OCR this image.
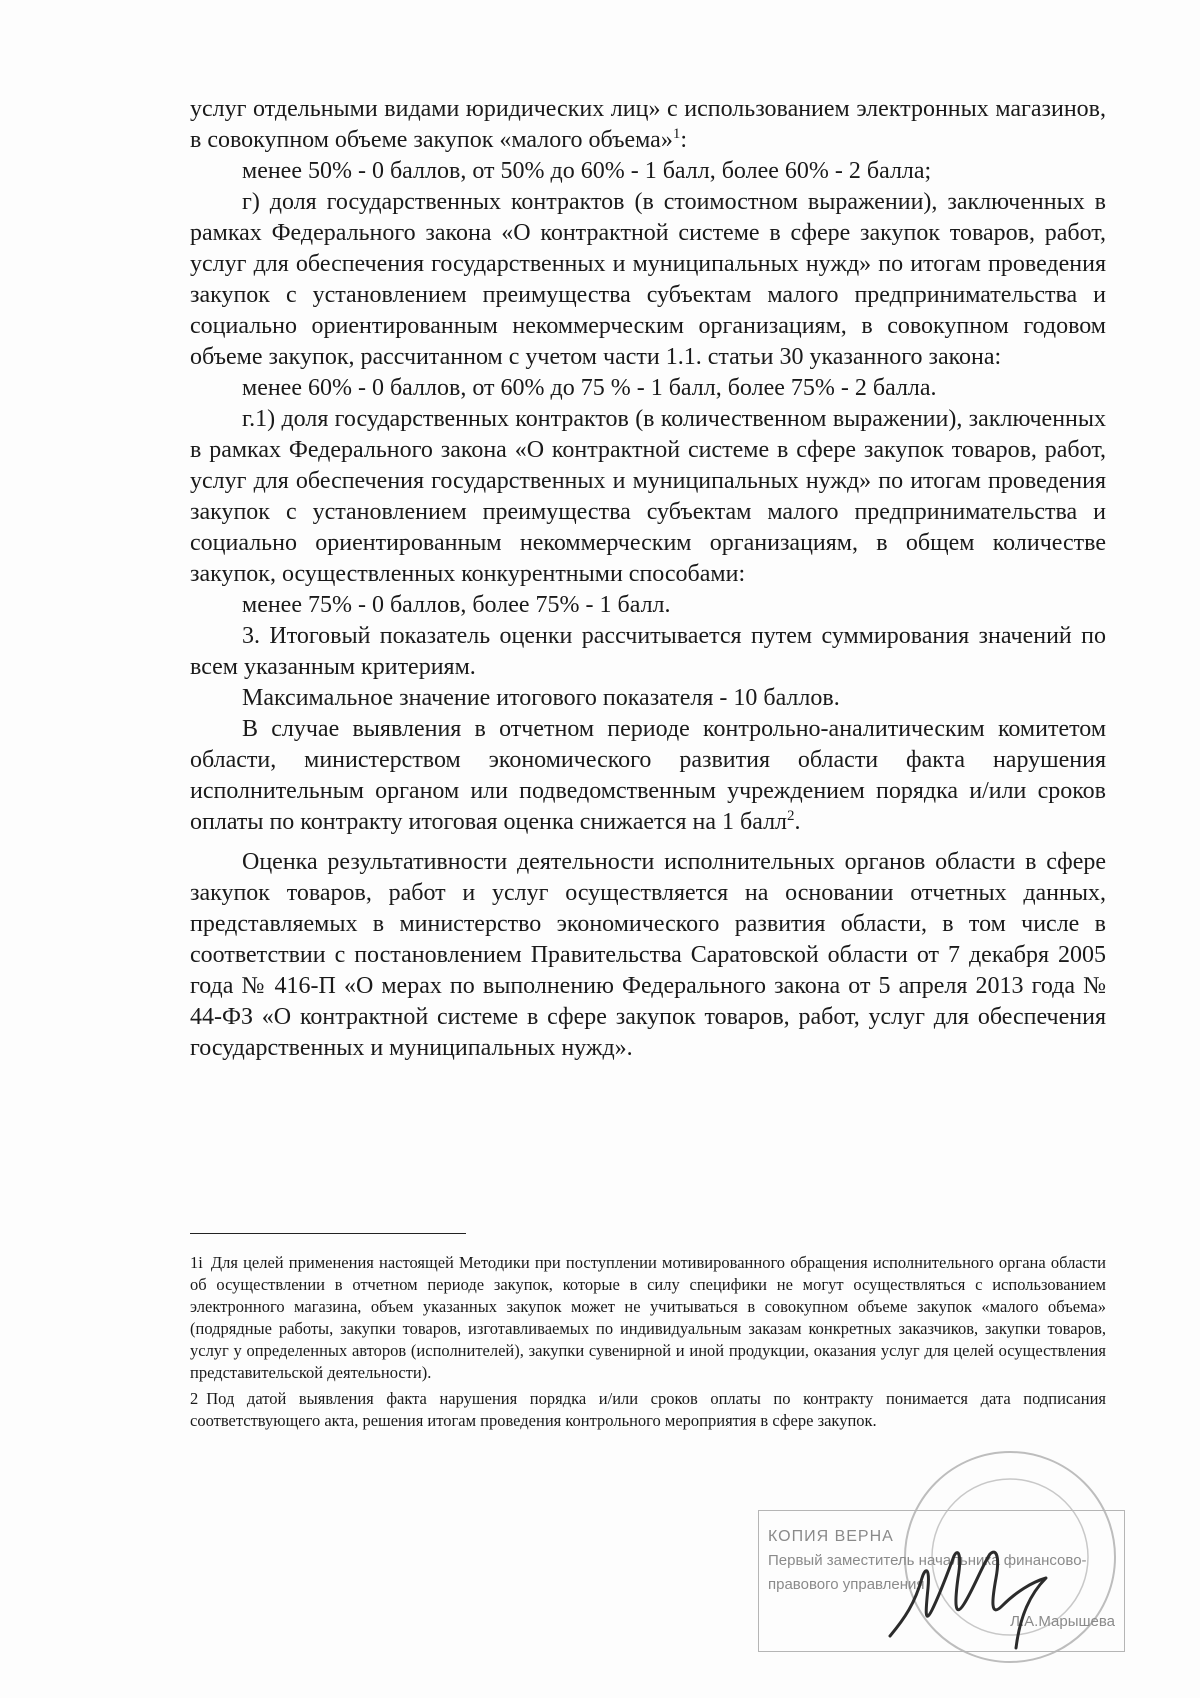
услуг отдельными видами юридических лиц» с использованием электронных магазинов, в совокупном объеме закупок «малого объема»$^1$:

менее 50% - 0 баллов, от 50% до 60% - 1 балл, более 60% - 2 балла;

г) доля государственных контрактов (в стоимостном выражении), заключенных в рамках Федерального закона «О контрактной системе в сфере закупок товаров, работ, услуг для обеспечения государственных и муниципальных нужд» по итогам проведения закупок с установлением преимущества субъектам малого предпринимательства и социально ориентированным некоммерческим организациям, в совокупном годовом объеме закупок, рассчитанном с учетом части 1.1. статьи 30 указанного закона:

менее 60% - 0 баллов, от 60% до 75 % - 1 балл, более 75% - 2 балла.

г.1) доля государственных контрактов (в количественном выражении), заключенных в рамках Федерального закона «О контрактной системе в сфере закупок товаров, работ, услуг для обеспечения государственных и муниципальных нужд» по итогам проведения закупок с установлением преимущества субъектам малого предпринимательства и социально ориентированным некоммерческим организациям, в общем количестве закупок, осуществленных конкурентными способами:

менее 75% - 0 баллов, более 75% - 1 балл.

3. Итоговый показатель оценки рассчитывается путем суммирования значений по всем указанным критериям.

Максимальное значение итогового показателя - 10 баллов.

В случае выявления в отчетном периоде контрольно-аналитическим комитетом области, министерством экономического развития области факта нарушения исполнительным органом или подведомственным учреждением порядка и/или сроков оплаты по контракту итоговая оценка снижается на 1 балл$^2$.

Оценка результативности деятельности исполнительных органов области в сфере закупок товаров, работ и услуг осуществляется на основании отчетных данных, представляемых в министерство экономического развития области, в том числе в соответствии с постановлением Правительства Саратовской области от 7 декабря 2005 года № 416-П «О мерах по выполнению Федерального закона от 5 апреля 2013 года № 44-ФЗ «О контрактной системе в сфере закупок товаров, работ, услуг для обеспечения государственных и муниципальных нужд».

1i Для целей применения настоящей Методики при поступлении мотивированного обращения исполнительного органа области об осуществлении в отчетном периоде закупок, которые в силу специфики не могут осуществляться с использованием электронного магазина, объем указанных закупок может не учитываться в совокупном объеме закупок «малого объема» (подрядные работы, закупки товаров, изготавливаемых по индивидуальным заказам конкретных заказчиков, закупки товаров, услуг у определенных авторов (исполнителей), закупки сувенирной и иной продукции, оказания услуг для целей осуществления представительской деятельности).

2 Под датой выявления факта нарушения порядка и/или сроков оплаты по контракту понимается дата подписания соответствующего акта, решения итогам проведения контрольного мероприятия в сфере закупок.

КОПИЯ ВЕРНА
Первый заместитель начальника финансово-
правового управления
Л.А.Марышева
